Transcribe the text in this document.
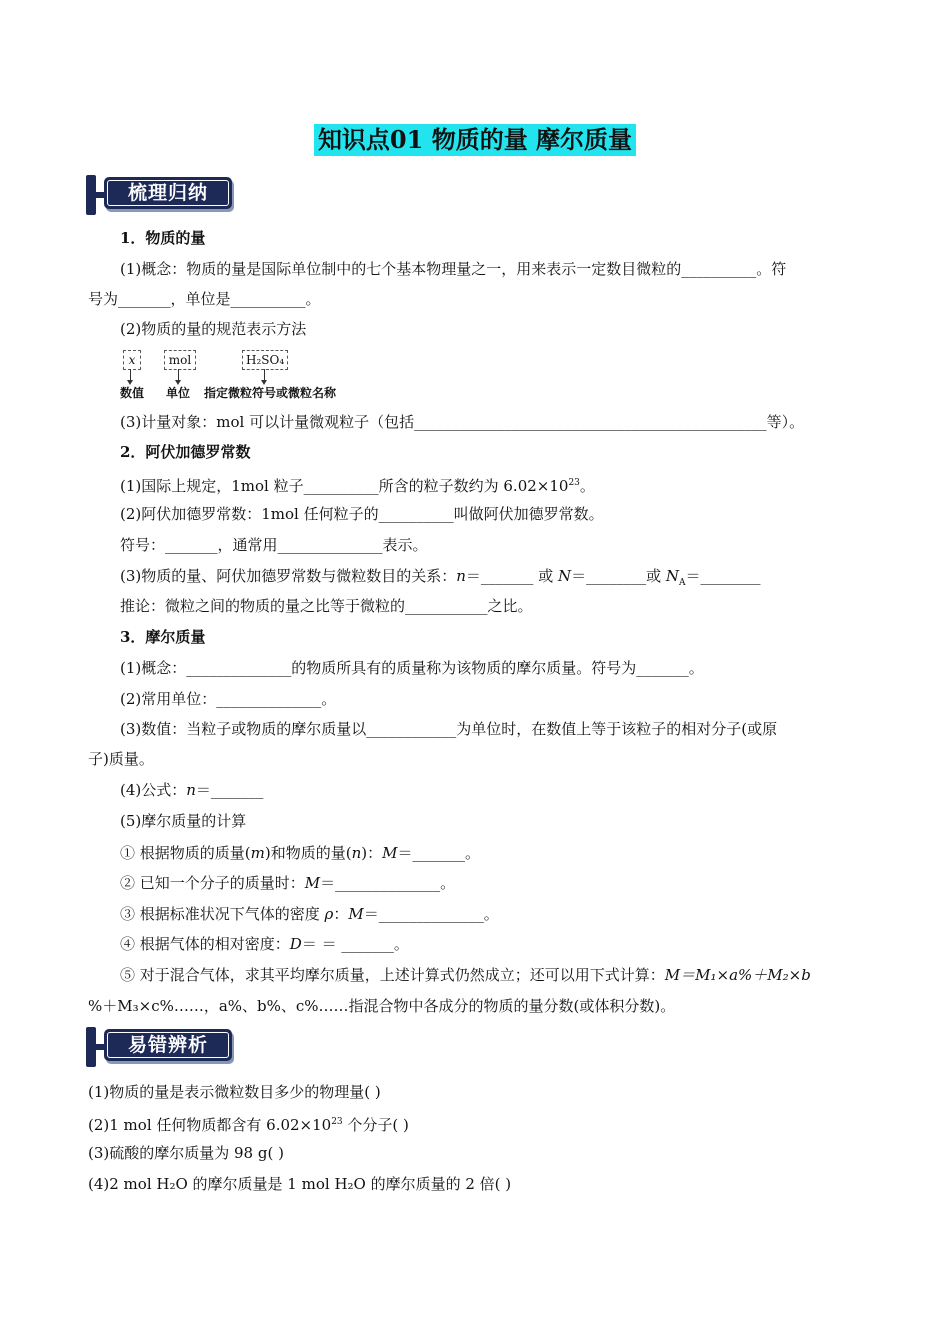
知识点01 物质的量 摩尔质量
梳理归纳
1．物质的量
(1)概念：物质的量是国际单位制中的七个基本物理量之一，用来表示一定数目微粒的__________。符
号为_______，单位是__________。
(2)物质的量的规范表示方法
x
数值
mol
单位
H₂SO₄
指定微粒符号或微粒名称
(3)计量对象：mol 可以计量微观粒子（包括_______________________________________________等）。
2．阿伏加德罗常数
(1)国际上规定，1mol 粒子__________所含的粒子数约为 $6.02\times 10^{23}$。
(2)阿伏加德罗常数：1mol 任何粒子的__________叫做阿伏加德罗常数。
符号：_______，通常用______________表示。
(3)物质的量、阿伏加德罗常数与微粒数目的关系：n＝_______ 或 N＝________或 $N_A=\_\_\_\_\_\_\_\_$
推论：微粒之间的物质的量之比等于微粒的___________之比。
3．摩尔质量
(1)概念：______________的物质所具有的质量称为该物质的摩尔质量。符号为_______。
(2)常用单位：______________。
(3)数值：当粒子或物质的摩尔质量以____________为单位时，在数值上等于该粒子的相对分子(或原
子)质量。
(4)公式：n＝_______
(5)摩尔质量的计算
① 根据物质的质量(m)和物质的量(n)：M＝_______。
② 已知一个分子的质量时：M＝______________。
③ 根据标准状况下气体的密度 ρ：M＝______________。
④ 根据气体的相对密度：D＝ ＝ _______。
⑤ 对于混合气体，求其平均摩尔质量，上述计算式仍然成立；还可以用下式计算：M＝M₁×a%＋M₂×b
%＋M₃×c%……，a%、b%、c%……指混合物中各成分的物质的量分数(或体积分数)。
易错辨析
(1)物质的量是表示微粒数目多少的物理量( )
(2)1 mol 任何物质都含有 $6.02\times 10^{23}$ 个分子( )
(3)硫酸的摩尔质量为 98 g( )
(4)2 mol H₂O 的摩尔质量是 1 mol H₂O 的摩尔质量的 2 倍( )
